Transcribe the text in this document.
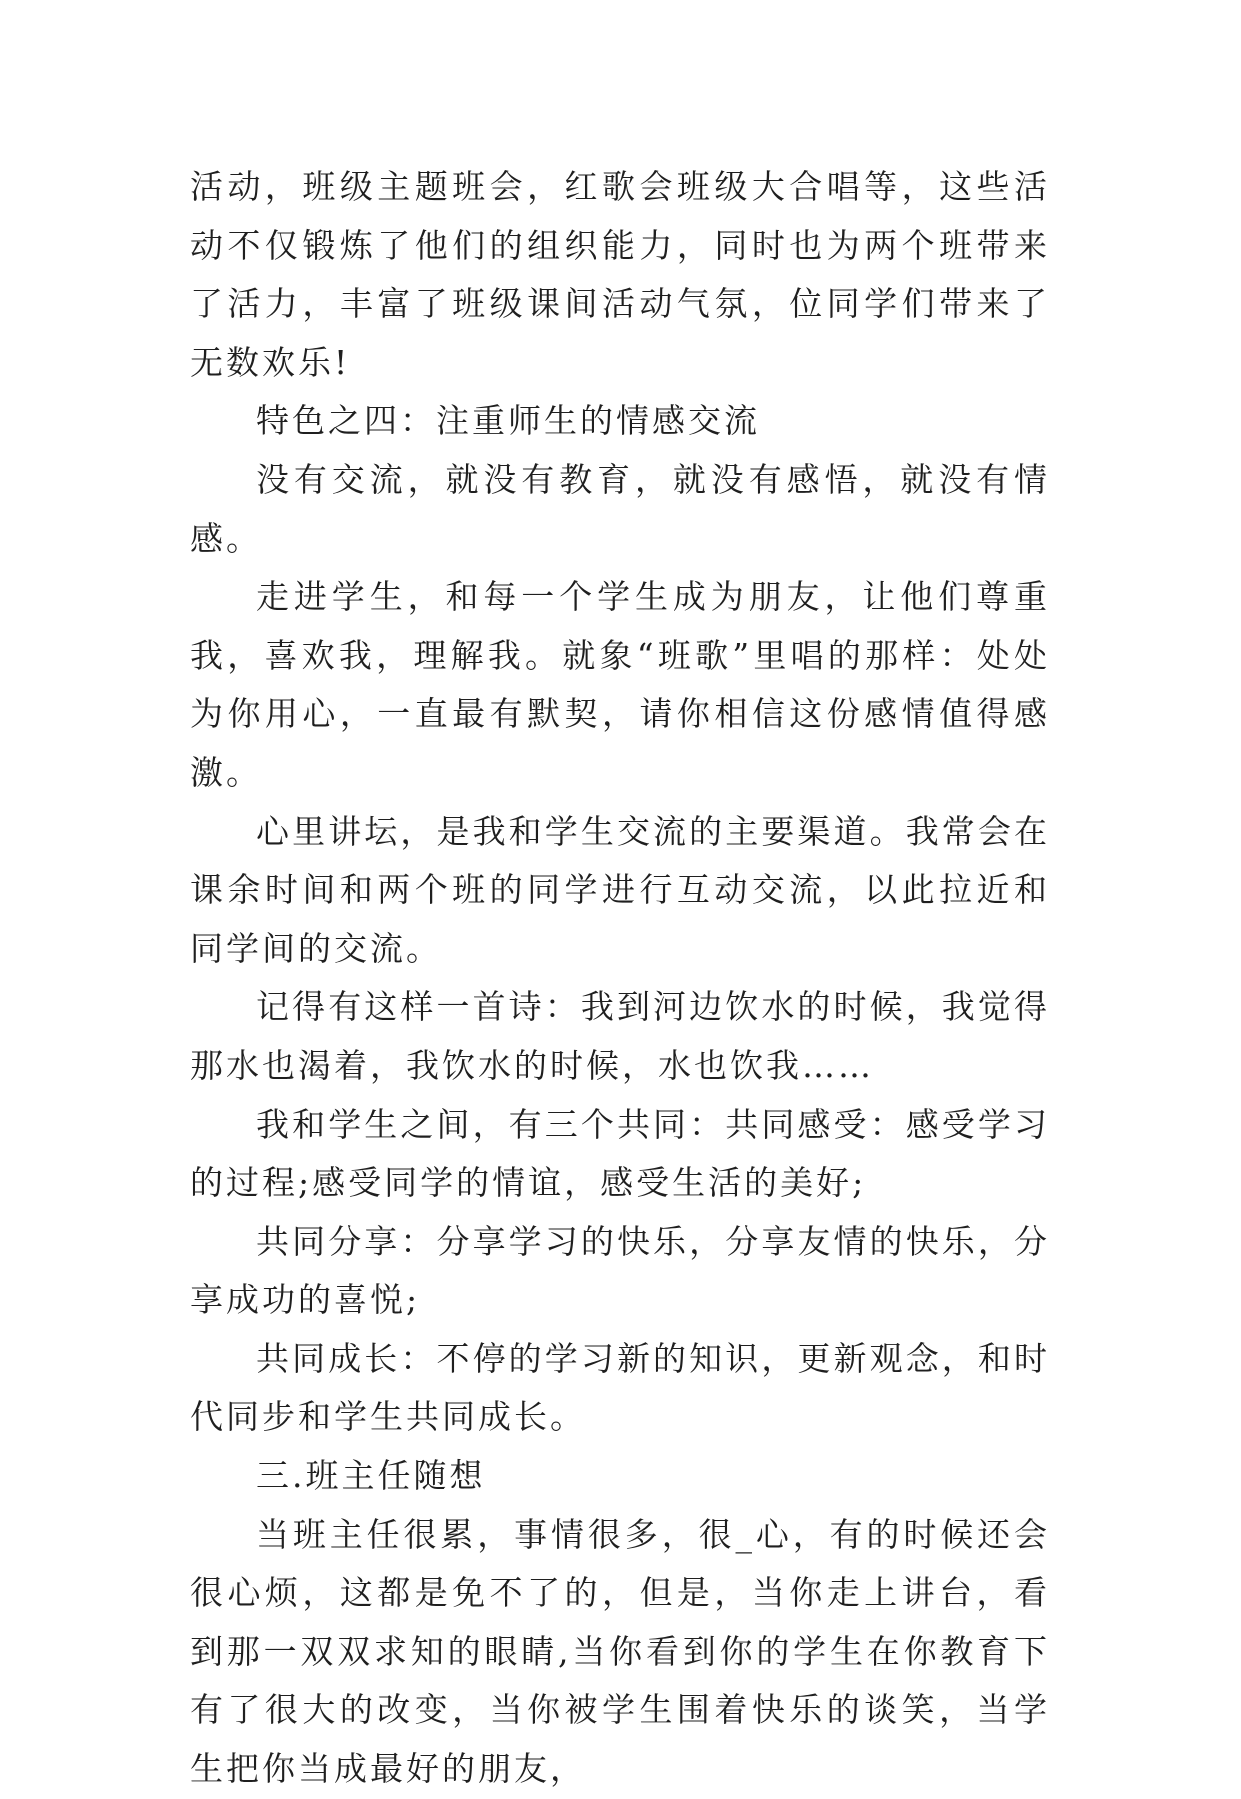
活动，班级主题班会，红歌会班级大合唱等，这些活动不仅锻炼了他们的组织能力，同时也为两个班带来了活力，丰富了班级课间活动气氛，位同学们带来了无数欢乐!

特色之四：注重师生的情感交流

没有交流，就没有教育，就没有感悟，就没有情感。

走进学生，和每一个学生成为朋友，让他们尊重我，喜欢我，理解我。就象“班歌”里唱的那样：处处为你用心，一直最有默契，请你相信这份感情值得感激。

心里讲坛，是我和学生交流的主要渠道。我常会在课余时间和两个班的同学进行互动交流，以此拉近和同学间的交流。

记得有这样一首诗：我到河边饮水的时候，我觉得那水也渴着，我饮水的时候，水也饮我……

我和学生之间，有三个共同：共同感受：感受学习的过程;感受同学的情谊，感受生活的美好;

共同分享：分享学习的快乐，分享友情的快乐，分享成功的喜悦;

共同成长：不停的学习新的知识，更新观念，和时代同步和学生共同成长。

三.班主任随想

当班主任很累，事情很多，很_心，有的时候还会很心烦，这都是免不了的，但是，当你走上讲台，看到那一双双求知的眼睛,当你看到你的学生在你教育下有了很大的改变，当你被学生围着快乐的谈笑，当学生把你当成最好的朋友，
